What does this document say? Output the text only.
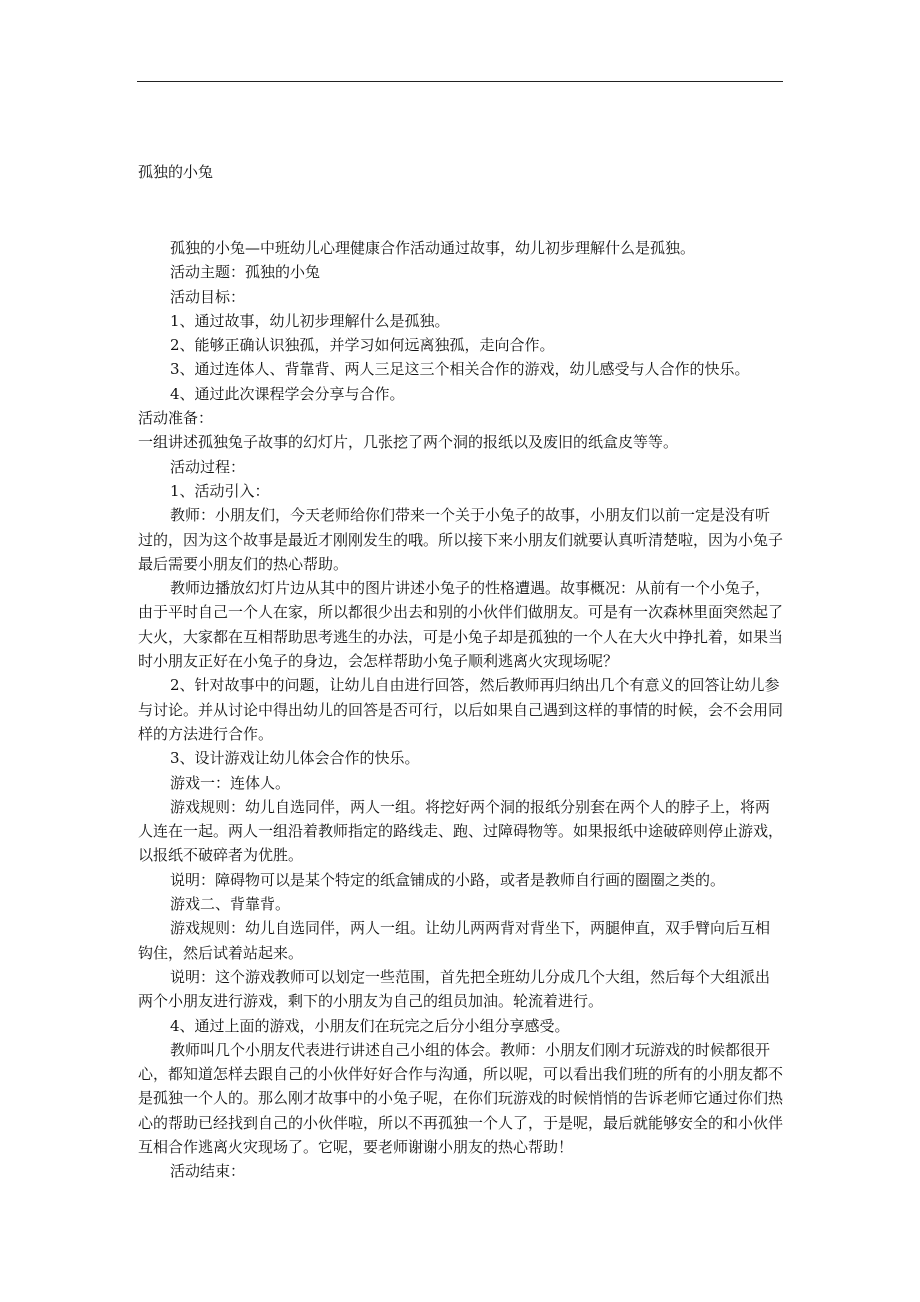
孤独的小兔

孤独的小兔—中班幼儿心理健康合作活动通过故事，幼儿初步理解什么是孤独。

活动主题：孤独的小兔

活动目标：

1、通过故事，幼儿初步理解什么是孤独。

2、能够正确认识独孤，并学习如何远离独孤，走向合作。

3、通过连体人、背靠背、两人三足这三个相关合作的游戏，幼儿感受与人合作的快乐。

4、通过此次课程学会分享与合作。

活动准备：

一组讲述孤独兔子故事的幻灯片，几张挖了两个洞的报纸以及废旧的纸盒皮等等。

活动过程：

1、活动引入：

教师：小朋友们，今天老师给你们带来一个关于小兔子的故事，小朋友们以前一定是没有听过的，因为这个故事是最近才刚刚发生的哦。所以接下来小朋友们就要认真听清楚啦，因为小兔子最后需要小朋友们的热心帮助。

教师边播放幻灯片边从其中的图片讲述小兔子的性格遭遇。故事概况：从前有一个小兔子，由于平时自己一个人在家，所以都很少出去和别的小伙伴们做朋友。可是有一次森林里面突然起了大火，大家都在互相帮助思考逃生的办法，可是小兔子却是孤独的一个人在大火中挣扎着，如果当时小朋友正好在小兔子的身边，会怎样帮助小兔子顺利逃离火灾现场呢？

2、针对故事中的问题，让幼儿自由进行回答，然后教师再归纳出几个有意义的回答让幼儿参与讨论。并从讨论中得出幼儿的回答是否可行，以后如果自己遇到这样的事情的时候，会不会用同样的方法进行合作。

3、设计游戏让幼儿体会合作的快乐。

游戏一：连体人。

游戏规则：幼儿自选同伴，两人一组。将挖好两个洞的报纸分别套在两个人的脖子上，将两人连在一起。两人一组沿着教师指定的路线走、跑、过障碍物等。如果报纸中途破碎则停止游戏，以报纸不破碎者为优胜。

说明：障碍物可以是某个特定的纸盒铺成的小路，或者是教师自行画的圈圈之类的。

游戏二、背靠背。

游戏规则：幼儿自选同伴，两人一组。让幼儿两两背对背坐下，两腿伸直，双手臂向后互相钩住，然后试着站起来。

说明：这个游戏教师可以划定一些范围，首先把全班幼儿分成几个大组，然后每个大组派出两个小朋友进行游戏，剩下的小朋友为自己的组员加油。轮流着进行。

4、通过上面的游戏，小朋友们在玩完之后分小组分享感受。

教师叫几个小朋友代表进行讲述自己小组的体会。教师：小朋友们刚才玩游戏的时候都很开心，都知道怎样去跟自己的小伙伴好好合作与沟通，所以呢，可以看出我们班的所有的小朋友都不是孤独一个人的。那么刚才故事中的小兔子呢，在你们玩游戏的时候悄悄的告诉老师它通过你们热心的帮助已经找到自己的小伙伴啦，所以不再孤独一个人了，于是呢，最后就能够安全的和小伙伴互相合作逃离火灾现场了。它呢，要老师谢谢小朋友的热心帮助！

活动结束：
